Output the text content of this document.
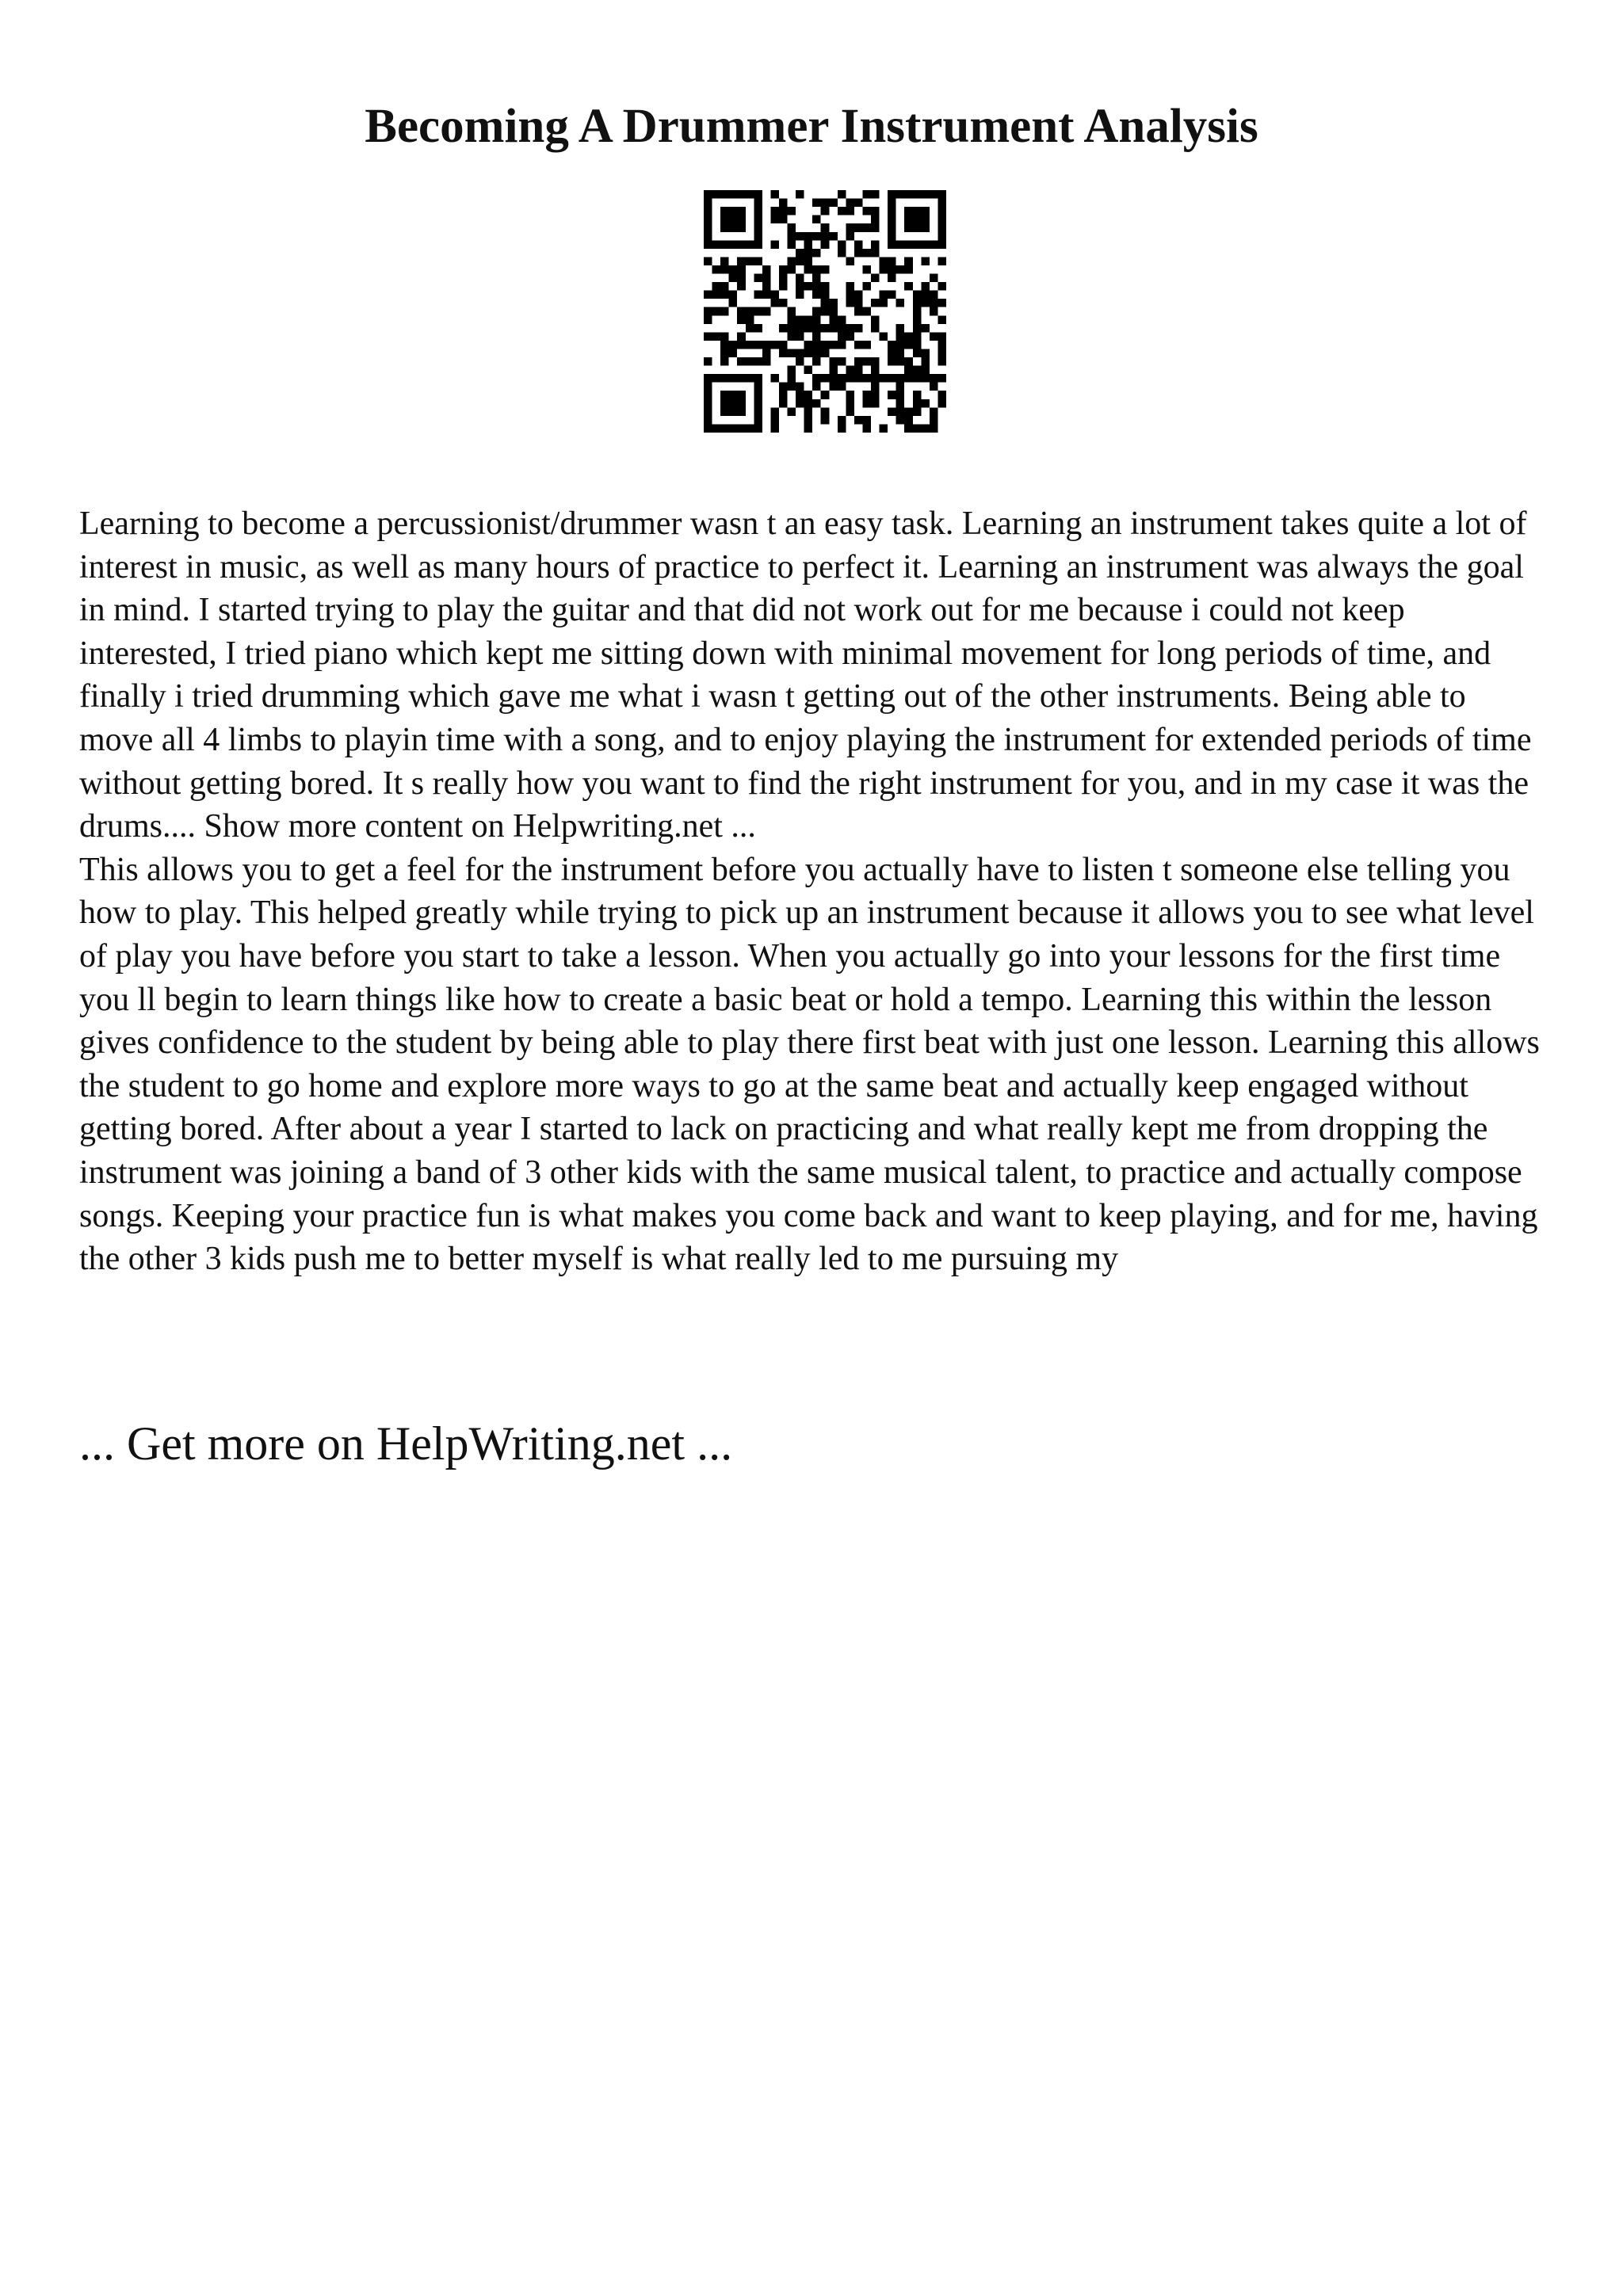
Becoming A Drummer Instrument Analysis

Learning to become a percussionist/drummer wasn t an easy task. Learning an instrument takes quite a lot of interest in music, as well as many hours of practice to perfect it. Learning an instrument was always the goal in mind. I started trying to play the guitar and that did not work out for me because i could not keep interested, I tried piano which kept me sitting down with minimal movement for long periods of time, and finally i tried drumming which gave me what i wasn t getting out of the other instruments. Being able to move all 4 limbs to playin time with a song, and to enjoy playing the instrument for extended periods of time without getting bored. It s really how you want to find the right instrument for you, and in my case it was the drums.... Show more content on Helpwriting.net ...

This allows you to get a feel for the instrument before you actually have to listen t someone else telling you how to play. This helped greatly while trying to pick up an instrument because it allows you to see what level of play you have before you start to take a lesson. When you actually go into your lessons for the first time you ll begin to learn things like how to create a basic beat or hold a tempo. Learning this within the lesson gives confidence to the student by being able to play there first beat with just one lesson. Learning this allows the student to go home and explore more ways to go at the same beat and actually keep engaged without getting bored. After about a year I started to lack on practicing and what really kept me from dropping the instrument was joining a band of 3 other kids with the same musical talent, to practice and actually compose songs. Keeping your practice fun is what makes you come back and want to keep playing, and for me, having the other 3 kids push me to better myself is what really led to me pursuing my

... Get more on HelpWriting.net ...
